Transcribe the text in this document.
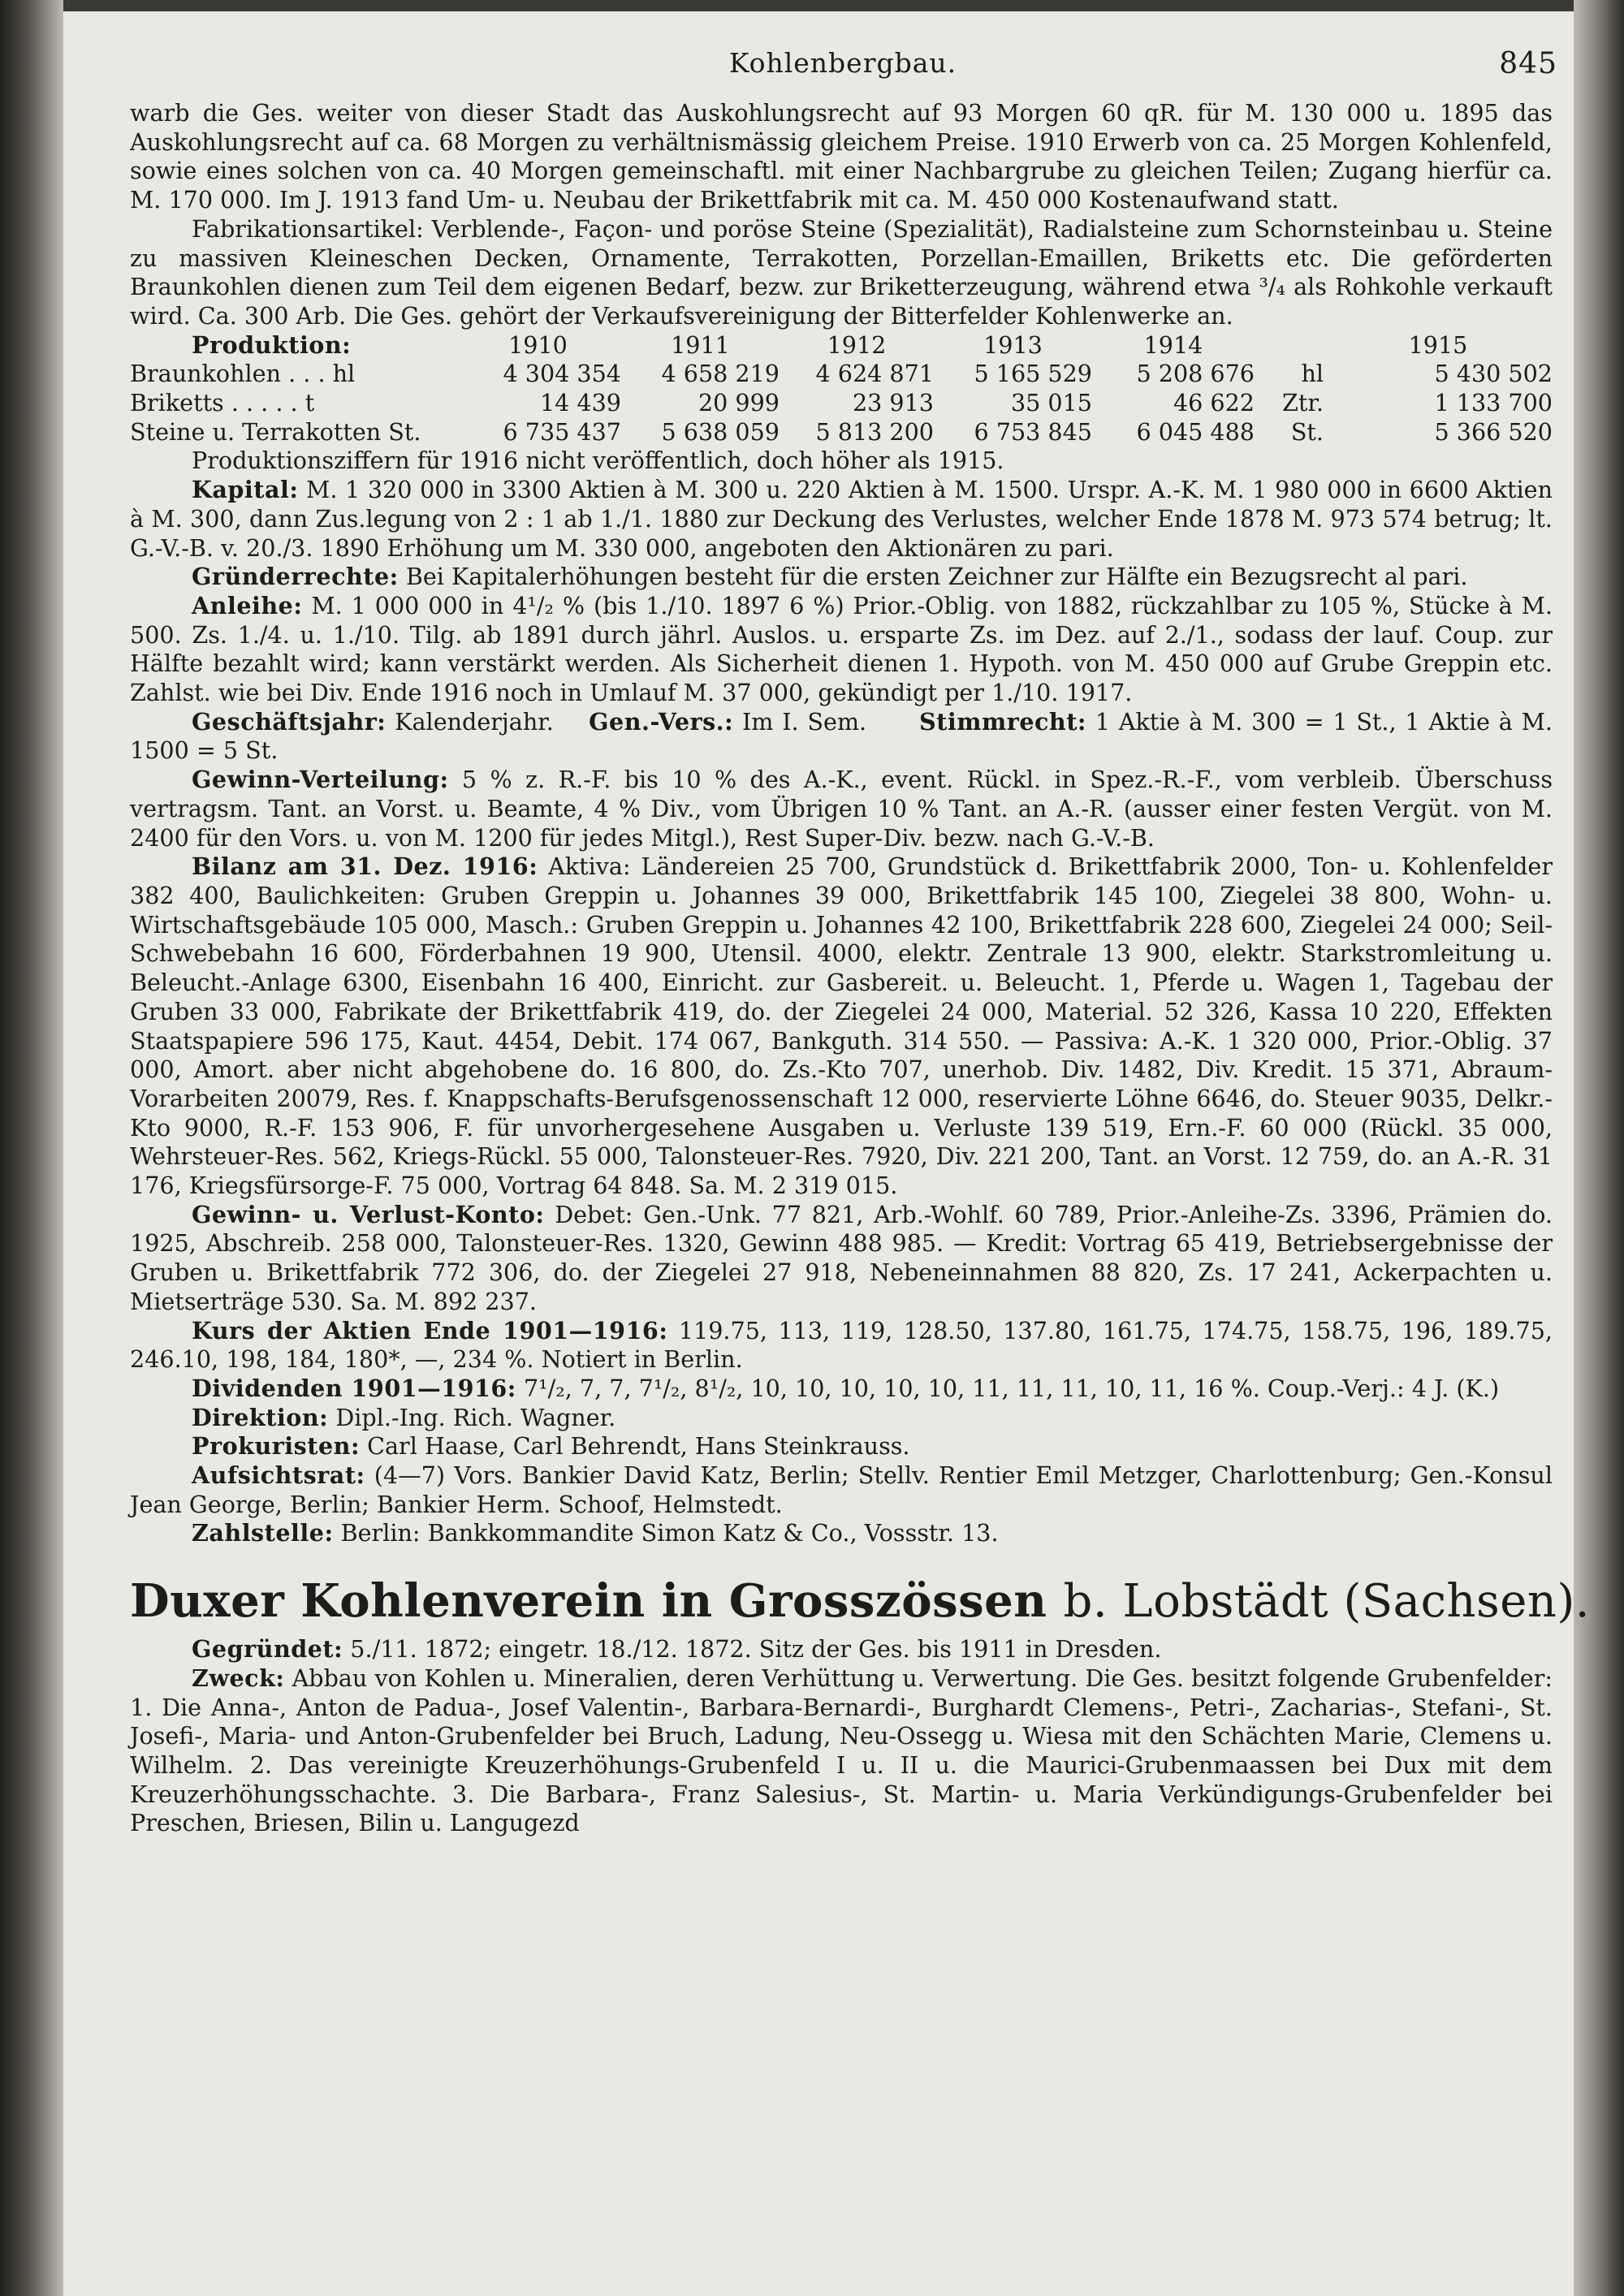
Kohlenbergbau.	845

warb die Ges. weiter von dieser Stadt das Auskohlungsrecht auf 93 Morgen 60 qR. für M. 130 000 u. 1895 das Auskohlungsrecht auf ca. 68 Morgen zu verhältnismässig gleichem Preise. 1910 Erwerb von ca. 25 Morgen Kohlenfeld, sowie eines solchen von ca. 40 Morgen gemeinschaftl. mit einer Nachbargrube zu gleichen Teilen; Zugang hierfür ca. M. 170 000. Im J. 1913 fand Um- u. Neubau der Brikettfabrik mit ca. M. 450 000 Kostenaufwand statt.

Fabrikationsartikel: Verblende-, Façon- und poröse Steine (Spezialität), Radialsteine zum Schornsteinbau u. Steine zu massiven Kleineschen Decken, Ornamente, Terrakotten, Porzellan-Emaillen, Briketts etc. Die geförderten Braunkohlen dienen zum Teil dem eigenen Bedarf, bezw. zur Briketterzeugung, während etwa ³/₄ als Rohkohle verkauft wird. Ca. 300 Arb. Die Ges. gehört der Verkaufsvereinigung der Bitterfelder Kohlenwerke an.

Produktion:	1910	1911	1912	1913	1914		1915
Braunkohlen . . . hl	4 304 354	4 658 219	4 624 871	5 165 529	5 208 676	hl	5 430 502
Briketts . . . . . t	14 439	20 999	23 913	35 015	46 622	Ztr.	1 133 700
Steine u. Terrakotten St.	6 735 437	5 638 059	5 813 200	6 753 845	6 045 488	St.	5 366 520

Produktionsziffern für 1916 nicht veröffentlich, doch höher als 1915.

Kapital: M. 1 320 000 in 3300 Aktien à M. 300 u. 220 Aktien à M. 1500. Urspr. A.-K. M. 1 980 000 in 6600 Aktien à M. 300, dann Zus.legung von 2 : 1 ab 1./1. 1880 zur Deckung des Verlustes, welcher Ende 1878 M. 973 574 betrug; lt. G.-V.-B. v. 20./3. 1890 Erhöhung um M. 330 000, angeboten den Aktionären zu pari.

Gründerrechte: Bei Kapitalerhöhungen besteht für die ersten Zeichner zur Hälfte ein Bezugsrecht al pari.

Anleihe: M. 1 000 000 in 4¹/₂ % (bis 1./10. 1897 6 %) Prior.-Oblig. von 1882, rückzahlbar zu 105 %, Stücke à M. 500. Zs. 1./4. u. 1./10. Tilg. ab 1891 durch jährl. Auslos. u. ersparte Zs. im Dez. auf 2./1., sodass der lauf. Coup. zur Hälfte bezahlt wird; kann verstärkt werden. Als Sicherheit dienen 1. Hypoth. von M. 450 000 auf Grube Greppin etc. Zahlst. wie bei Div. Ende 1916 noch in Umlauf M. 37 000, gekündigt per 1./10. 1917.

Geschäftsjahr: Kalenderjahr. Gen.-Vers.: Im I. Sem. Stimmrecht: 1 Aktie à M. 300 = 1 St., 1 Aktie à M. 1500 = 5 St.

Gewinn-Verteilung: 5 % z. R.-F. bis 10 % des A.-K., event. Rückl. in Spez.-R.-F., vom verbleib. Überschuss vertragsm. Tant. an Vorst. u. Beamte, 4 % Div., vom Übrigen 10 % Tant. an A.-R. (ausser einer festen Vergüt. von M. 2400 für den Vors. u. von M. 1200 für jedes Mitgl.), Rest Super-Div. bezw. nach G.-V.-B.

Bilanz am 31. Dez. 1916: Aktiva: Ländereien 25 700, Grundstück d. Brikettfabrik 2000, Ton- u. Kohlenfelder 382 400, Baulichkeiten: Gruben Greppin u. Johannes 39 000, Brikettfabrik 145 100, Ziegelei 38 800, Wohn- u. Wirtschaftsgebäude 105 000, Masch.: Gruben Greppin u. Johannes 42 100, Brikettfabrik 228 600, Ziegelei 24 000; Seil-Schwebebahn 16 600, Förderbahnen 19 900, Utensil. 4000, elektr. Zentrale 13 900, elektr. Starkstromleitung u. Beleucht.-Anlage 6300, Eisenbahn 16 400, Einricht. zur Gasbereit. u. Beleucht. 1, Pferde u. Wagen 1, Tagebau der Gruben 33 000, Fabrikate der Brikettfabrik 419, do. der Ziegelei 24 000, Material. 52 326, Kassa 10 220, Effekten Staatspapiere 596 175, Kaut. 4454, Debit. 174 067, Bankguth. 314 550. — Passiva: A.-K. 1 320 000, Prior.-Oblig. 37 000, Amort. aber nicht abgehobene do. 16 800, do. Zs.-Kto 707, unerhob. Div. 1482, Div. Kredit. 15 371, Abraum-Vorarbeiten 20079, Res. f. Knappschafts-Berufsgenossenschaft 12 000, reservierte Löhne 6646, do. Steuer 9035, Delkr.-Kto 9000, R.-F. 153 906, F. für unvorhergesehene Ausgaben u. Verluste 139 519, Ern.-F. 60 000 (Rückl. 35 000, Wehrsteuer-Res. 562, Kriegs-Rückl. 55 000, Talonsteuer-Res. 7920, Div. 221 200, Tant. an Vorst. 12 759, do. an A.-R. 31 176, Kriegsfürsorge-F. 75 000, Vortrag 64 848. Sa. M. 2 319 015.

Gewinn- u. Verlust-Konto: Debet: Gen.-Unk. 77 821, Arb.-Wohlf. 60 789, Prior.-Anleihe-Zs. 3396, Prämien do. 1925, Abschreib. 258 000, Talonsteuer-Res. 1320, Gewinn 488 985. — Kredit: Vortrag 65 419, Betriebsergebnisse der Gruben u. Brikettfabrik 772 306, do. der Ziegelei 27 918, Nebeneinnahmen 88 820, Zs. 17 241, Ackerpachten u. Mietserträge 530. Sa. M. 892 237.

Kurs der Aktien Ende 1901—1916: 119.75, 113, 119, 128.50, 137.80, 161.75, 174.75, 158.75, 196, 189.75, 246.10, 198, 184, 180*, —, 234 %. Notiert in Berlin.

Dividenden 1901—1916: 7¹/₂, 7, 7, 7¹/₂, 8¹/₂, 10, 10, 10, 10, 10, 11, 11, 11, 10, 11, 16 %. Coup.-Verj.: 4 J. (K.)

Direktion: Dipl.-Ing. Rich. Wagner.

Prokuristen: Carl Haase, Carl Behrendt, Hans Steinkrauss.

Aufsichtsrat: (4—7) Vors. Bankier David Katz, Berlin; Stellv. Rentier Emil Metzger, Charlottenburg; Gen.-Konsul Jean George, Berlin; Bankier Herm. Schoof, Helmstedt.

Zahlstelle: Berlin: Bankkommandite Simon Katz & Co., Vossstr. 13.

Duxer Kohlenverein in Grosszössen b. Lobstädt (Sachsen).

Gegründet: 5./11. 1872; eingetr. 18./12. 1872. Sitz der Ges. bis 1911 in Dresden.

Zweck: Abbau von Kohlen u. Mineralien, deren Verhüttung u. Verwertung. Die Ges. besitzt folgende Grubenfelder: 1. Die Anna-, Anton de Padua-, Josef Valentin-, Barbara-Bernardi-, Burghardt Clemens-, Petri-, Zacharias-, Stefani-, St. Josefi-, Maria- und Anton-Grubenfelder bei Bruch, Ladung, Neu-Ossegg u. Wiesa mit den Schächten Marie, Clemens u. Wilhelm. 2. Das vereinigte Kreuzerhöhungs-Grubenfeld I u. II u. die Maurici-Grubenmaassen bei Dux mit dem Kreuzerhöhungsschachte. 3. Die Barbara-, Franz Salesius-, St. Martin- u. Maria Verkündigungs-Grubenfelder bei Preschen, Briesen, Bilin u. Langugezd
